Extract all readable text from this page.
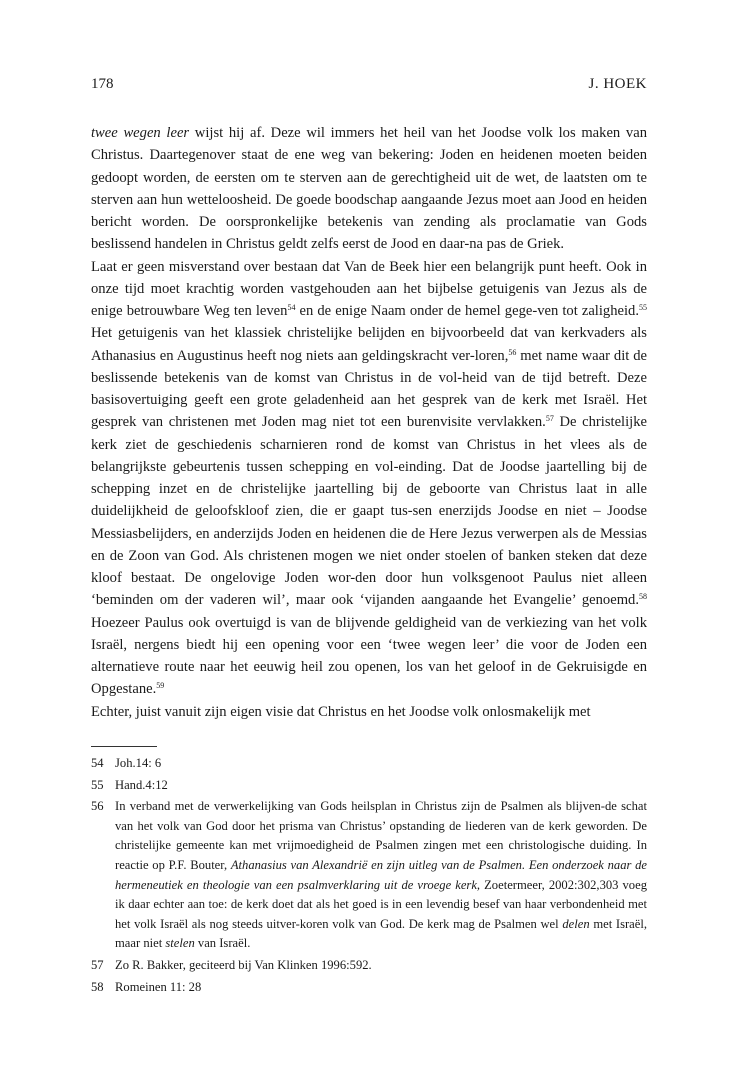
178	J. HOEK

twee wegen leer wijst hij af. Deze wil immers het heil van het Joodse volk los maken van Christus. Daartegenover staat de ene weg van bekering: Joden en heidenen moeten beiden gedoopt worden, de eersten om te sterven aan de gerechtigheid uit de wet, de laatsten om te sterven aan hun wetteloosheid. De goede boodschap aangaande Jezus moet aan Jood en heiden bericht worden. De oorspronkelijke betekenis van zending als proclamatie van Gods beslissend handelen in Christus geldt zelfs eerst de Jood en daar-na pas de Griek.

Laat er geen misverstand over bestaan dat Van de Beek hier een belangrijk punt heeft. Ook in onze tijd moet krachtig worden vastgehouden aan het bijbelse getuigenis van Jezus als de enige betrouwbare Weg ten leven$^{54}$ en de enige Naam onder de hemel gege-ven tot zaligheid.$^{55}$ Het getuigenis van het klassiek christelijke belijden en bijvoorbeeld dat van kerkvaders als Athanasius en Augustinus heeft nog niets aan geldingskracht ver-loren,$^{56}$ met name waar dit de beslissende betekenis van de komst van Christus in de vol-heid van de tijd betreft. Deze basisovertuiging geeft een grote geladenheid aan het gesprek van de kerk met Israël. Het gesprek van christenen met Joden mag niet tot een burenvisite vervlakken.$^{57}$ De christelijke kerk ziet de geschiedenis scharnieren rond de komst van Christus in het vlees als de belangrijkste gebeurtenis tussen schepping en vol-einding. Dat de Joodse jaartelling bij de schepping inzet en de christelijke jaartelling bij de geboorte van Christus laat in alle duidelijkheid de geloofskloof zien, die er gaapt tus-sen enerzijds Joodse en niet – Joodse Messiasbelijders, en anderzijds Joden en heidenen die de Here Jezus verwerpen als de Messias en de Zoon van God. Als christenen mogen we niet onder stoelen of banken steken dat deze kloof bestaat. De ongelovige Joden wor-den door hun volksgenoot Paulus niet alleen ‘beminden om der vaderen wil’, maar ook ‘vijanden aangaande het Evangelie’ genoemd.$^{58}$ Hoezeer Paulus ook overtuigd is van de blijvende geldigheid van de verkiezing van het volk Israël, nergens biedt hij een opening voor een ‘twee wegen leer’ die voor de Joden een alternatieve route naar het eeuwig heil zou openen, los van het geloof in de Gekruisigde en Opgestane.$^{59}$

Echter, juist vanuit zijn eigen visie dat Christus en het Joodse volk onlosmakelijk met

54 Joh.14: 6
55 Hand.4:12
56 In verband met de verwerkelijking van Gods heilsplan in Christus zijn de Psalmen als blijven-de schat van het volk van God door het prisma van Christus’ opstanding de liederen van de kerk geworden. De christelijke gemeente kan met vrijmoedigheid de Psalmen zingen met een christologische duiding. In reactie op P.F. Bouter, Athanasius van Alexandrië en zijn uitleg van de Psalmen. Een onderzoek naar de hermeneutiek en theologie van een psalmverklaring uit de vroege kerk, Zoetermeer, 2002:302,303 voeg ik daar echter aan toe: de kerk doet dat als het goed is in een levendig besef van haar verbondenheid met het volk Israël als nog steeds uitver-koren volk van God. De kerk mag de Psalmen wel delen met Israël, maar niet stelen van Israël.
57 Zo R. Bakker, geciteerd bij Van Klinken 1996:592.
58 Romeinen 11: 28
